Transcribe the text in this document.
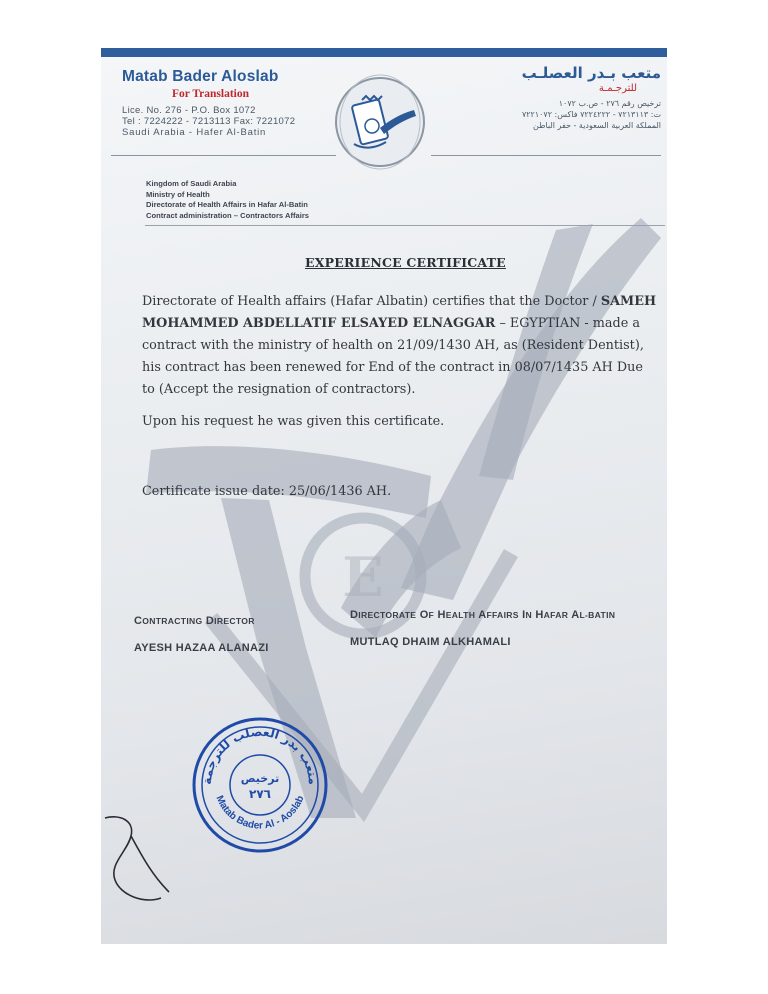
E
Matab Bader Aloslab
For Translation
Lice. No. 276 - P.O. Box 1072
Tel : 7224222 - 7213113 Fax: 7221072
Saudi Arabia - Hafer Al-Batin
متعب بـدر العصلـب
للترجـمـة
ترخيص رقم ٢٧٦ - ص.ب ١٠٧٢
ت: ٧٢١٣١١٣ - ٧٢٢٤٢٢٢ فاكس: ٧٢٢١٠٧٢
المملكة العربية السعودية - حفر الباطن
Kingdom of Saudi Arabia
Ministry of Health
Directorate of Health Affairs in Hafar Al-Batin
Contract administration – Contractors Affairs
EXPERIENCE CERTIFICATE
Directorate of Health affairs (Hafar Albatin) certifies that the Doctor / SAMEH
MOHAMMED ABDELLATIF ELSAYED ELNAGGAR – EGYPTIAN - made a
contract with the ministry of health on 21/09/1430 AH, as (Resident Dentist),
his contract has been renewed for End of the contract in 08/07/1435 AH Due
to (Accept the resignation of contractors).
Upon his request he was given this certificate.
Certificate issue date: 25/06/1436 AH.
CONTRACTING DIRECTOR
AYESH HAZAA ALANAZI
DIRECTORATE OF HEALTH AFFAIRS IN HAFAR AL-BATIN
MUTLAQ DHAIM ALKHAMALI
متعب بدر العصلب للترجمة
Matab Bader Al - Aoslab
ترخيص
٢٧٦
